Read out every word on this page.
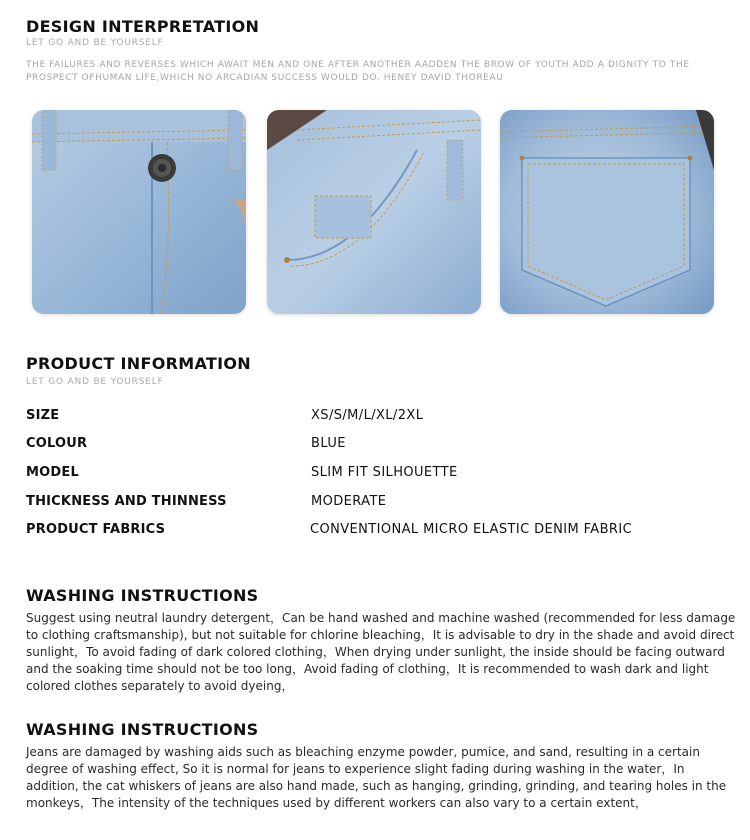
DESIGN INTERPRETATION
LET GO AND BE YOURSELF
THE FAILURES AND REVERSES WHICH AWAIT MEN AND ONE AFTER ANOTHER AADDEN THE BROW OF YOUTH ADD A DIGNITY TO THE PROSPECT OFHUMAN LIFE,WHICH NO ARCADIAN SUCCESS WOULD DO. HENEY DAVID THOREAU
PRODUCT INFORMATION
LET GO AND BE YOURSELF
SIZE	XS/S/M/L/XL/2XL
COLOUR	BLUE
MODEL	SLIM FIT SILHOUETTE
THICKNESS AND THINNESS	MODERATE
PRODUCT FABRICS	CONVENTIONAL MICRO ELASTIC DENIM FABRIC
WASHING INSTRUCTIONS
Suggest using neutral laundry detergent，Can be hand washed and machine washed (recommended for less damage to clothing craftsmanship), but not suitable for chlorine bleaching，It is advisable to dry in the shade and avoid direct sunlight，To avoid fading of dark colored clothing，When drying under sunlight, the inside should be facing outward and the soaking time should not be too long，Avoid fading of clothing，It is recommended to wash dark and light colored clothes separately to avoid dyeing，
WASHING INSTRUCTIONS
Jeans are damaged by washing aids such as bleaching enzyme powder, pumice, and sand, resulting in a certain degree of washing effect, So it is normal for jeans to experience slight fading during washing in the water，In addition, the cat whiskers of jeans are also hand made, such as hanging, grinding, grinding, and tearing holes in the monkeys，The intensity of the techniques used by different workers can also vary to a certain extent，
